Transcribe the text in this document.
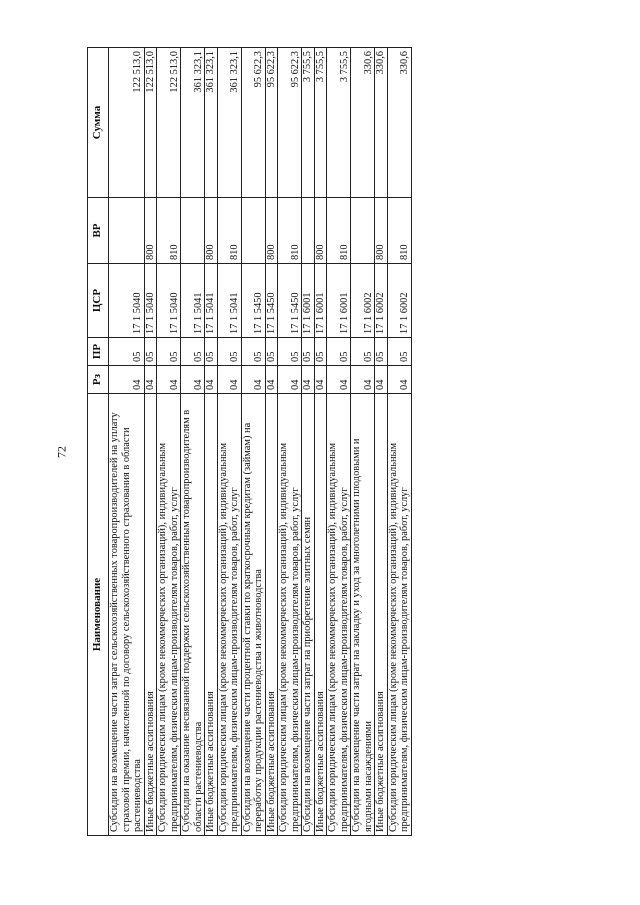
72
Наименование	Рз	ПР	ЦСР	ВР	Сумма
Субсидии на возмещение части затрат сельскохозяйственных товаропроизводителей на уплату страховой премии, начисленной по договору сельскохозяйственного страхования в области растениеводства	04	05	17 1 5040		122 513,0
Иные бюджетные ассигнования	04	05	17 1 5040	800	122 513,0
Субсидии юридическим лицам (кроме некоммерческих организаций), индивидуальным предпринимателям, физическим лицам-производителям товаров, работ, услуг	04	05	17 1 5040	810	122 513,0
Субсидии на оказание несвязанной поддержки сельскохозяйственным товаропроизводителям в области растениеводства	04	05	17 1 5041		361 323,1
Иные бюджетные ассигнования	04	05	17 1 5041	800	361 323,1
Субсидии юридическим лицам (кроме некоммерческих организаций), индивидуальным предпринимателям, физическим лицам-производителям товаров, работ, услуг	04	05	17 1 5041	810	361 323,1
Субсидии на возмещение части процентной ставки по краткосрочным кредитам (займам) на переработку продукции растениеводства и животноводства	04	05	17 1 5450		95 622,3
Иные бюджетные ассигнования	04	05	17 1 5450	800	95 622,3
Субсидии юридическим лицам (кроме некоммерческих организаций), индивидуальным предпринимателям, физическим лицам-производителям товаров, работ, услуг	04	05	17 1 5450	810	95 622,3
Субсидии на возмещение части затрат на приобретение элитных семян	04	05	17 1 6001		3 755,5
Иные бюджетные ассигнования	04	05	17 1 6001	800	3 755,5
Субсидии юридическим лицам (кроме некоммерческих организаций), индивидуальным предпринимателям, физическим лицам-производителям товаров, работ, услуг	04	05	17 1 6001	810	3 755,5
Субсидии на возмещение части затрат на закладку и уход за многолетними плодовыми и ягодными насаждениями	04	05	17 1 6002		330,6
Иные бюджетные ассигнования	04	05	17 1 6002	800	330,6
Субсидии юридическим лицам (кроме некоммерческих организаций), индивидуальным предпринимателям, физическим лицам-производителям товаров, работ, услуг	04	05	17 1 6002	810	330,6
